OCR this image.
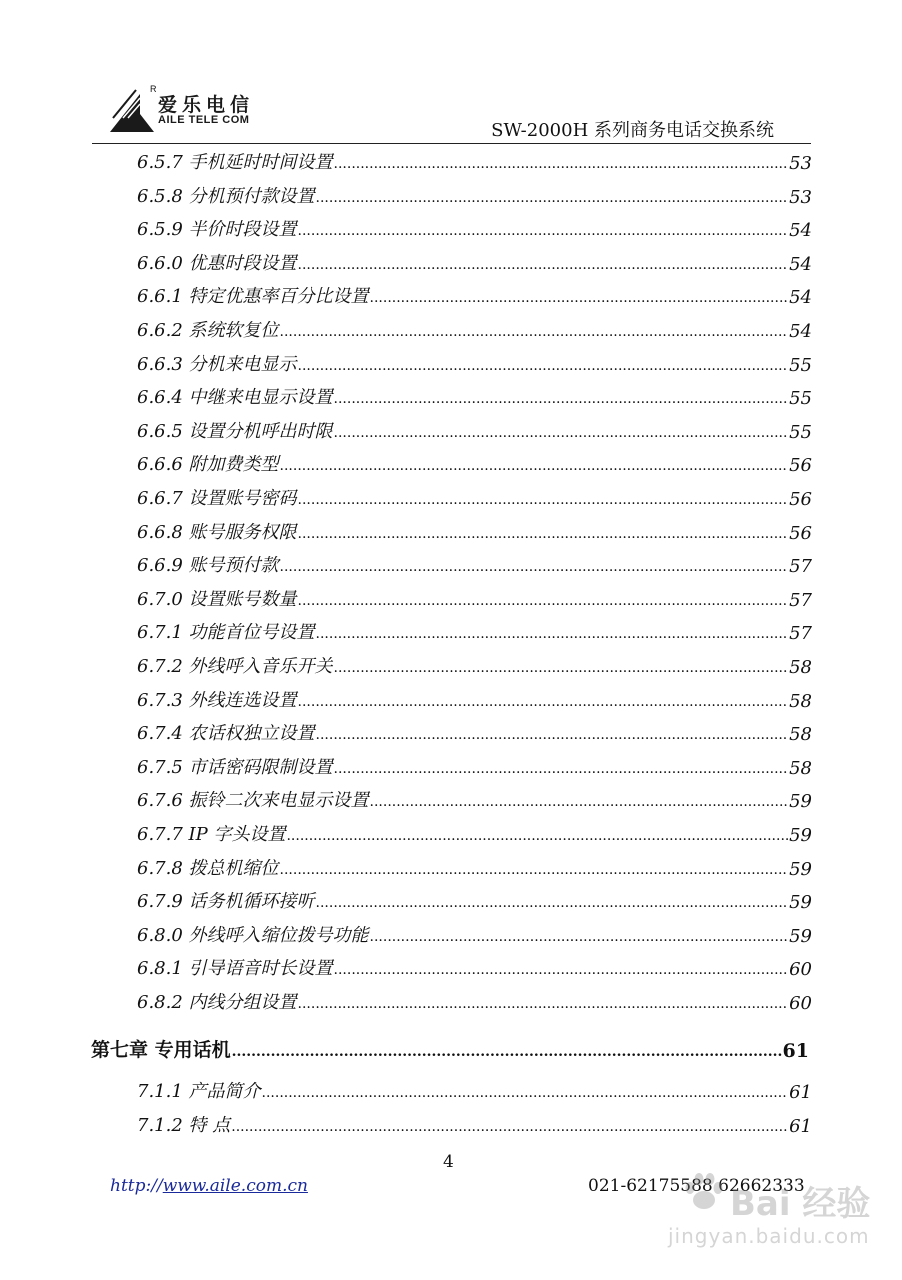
R
爱乐电信
AILE TELE COM	SW-2000H 系列商务电话交换系统
6.5.7 手机延时时间设置 .....	53
6.5.8 分机预付款设置 .....	53
6.5.9 半价时段设置 .....	54
6.6.0 优惠时段设置 .....	54
6.6.1 特定优惠率百分比设置 .....	54
6.6.2 系统软复位 .....	54
6.6.3 分机来电显示 .....	55
6.6.4 中继来电显示设置 .....	55
6.6.5 设置分机呼出时限 .....	55
6.6.6 附加费类型 .....	56
6.6.7 设置账号密码 .....	56
6.6.8 账号服务权限 .....	56
6.6.9 账号预付款 .....	57
6.7.0 设置账号数量 .....	57
6.7.1 功能首位号设置 .....	57
6.7.2 外线呼入音乐开关 .....	58
6.7.3 外线连选设置 .....	58
6.7.4 农话权独立设置 .....	58
6.7.5 市话密码限制设置 .....	58
6.7.6 振铃二次来电显示设置 .....	59
6.7.7 IP 字头设置 .....	59
6.7.8 拨总机缩位 .....	59
6.7.9 话务机循环接听 .....	59
6.8.0 外线呼入缩位拨号功能 .....	59
6.8.1 引导语音时长设置 .....	60
6.8.2 内线分组设置 .....	60
第七章 专用话机 .....	61
7.1.1 产品简介 .....	61
7.1.2 特 点 .....	61
4
http://www.aile.com.cn	021-62175588 62662333
Bai 经验
jingyan.baidu.com
